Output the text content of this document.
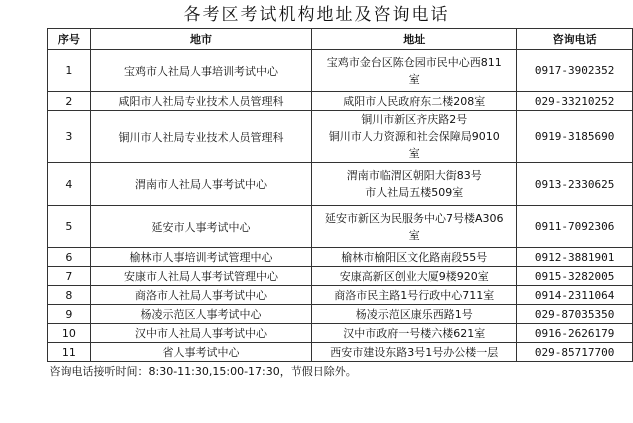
各考区考试机构地址及咨询电话
序号	地市	地址	咨询电话
1	宝鸡市人社局人事培训考试中心	宝鸡市金台区陈仓园市民中心西811
室	0917-3902352
2	咸阳市人社局专业技术人员管理科	咸阳市人民政府东二楼208室	029-33210252
3	铜川市人社局专业技术人员管理科	铜川市新区齐庆路2号
铜川市人力资源和社会保障局9010
室	0919-3185690
4	渭南市人社局人事考试中心	渭南市临渭区朝阳大街83号
市人社局五楼509室	0913-2330625
5	延安市人事考试中心	延安市新区为民服务中心7号楼A306
室	0911-7092306
6	榆林市人事培训考试管理中心	榆林市榆阳区文化路南段55号	0912-3881901
7	安康市人社局人事考试管理中心	安康高新区创业大厦9楼920室	0915-3282005
8	商洛市人社局人事考试中心	商洛市民主路1号行政中心711室	0914-2311064
9	杨凌示范区人事考试中心	杨凌示范区康乐西路1号	029-87035350
10	汉中市人社局人事考试中心	汉中市政府一号楼六楼621室	0916-2626179
11	省人事考试中心	西安市建设东路3号1号办公楼一层	029-85717700
咨询电话接听时间：8:30-11:30,15:00-17:30，节假日除外。			
